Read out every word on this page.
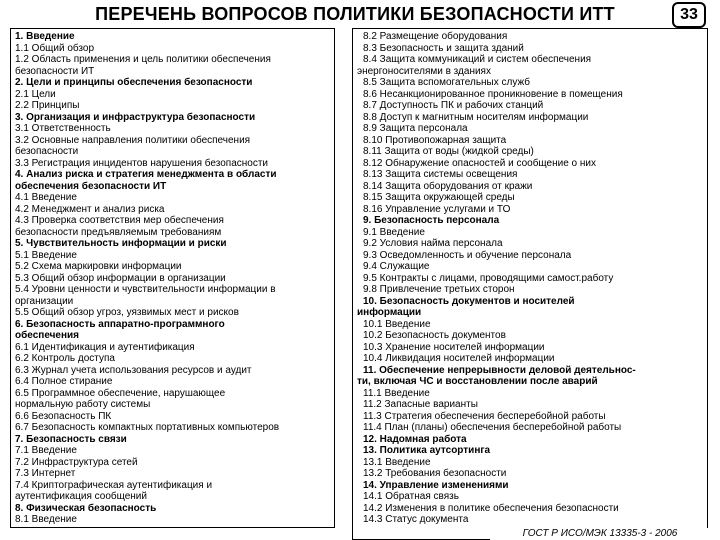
ПЕРЕЧЕНЬ ВОПРОСОВ ПОЛИТИКИ БЕЗОПАСНОСТИ ИТТ	33
1. Введение
1.1 Общий обзор
1.2 Область применения и цель политики обеспечения
безопасности ИТ
2. Цели и принципы обеспечения безопасности
2.1 Цели
2.2 Принципы
3. Организация и инфраструктура безопасности
3.1 Ответственность
3.2 Основные направления политики обеспечения
безопасности
3.3 Регистрация инцидентов нарушения безопасности
4. Анализ риска и стратегия менеджмента в области
обеспечения безопасности ИТ
4.1 Введение
4.2 Менеджмент и анализ риска
4.3 Проверка соответствия мер обеспечения
безопасности предъявляемым требованиям
5. Чувствительность информации и риски
5.1 Введение
5.2 Схема маркировки информации
5.3 Общий обзор информации в организации
5.4 Уровни ценности и чувствительности информации в
организации
5.5 Общий обзор угроз, уязвимых мест и рисков
6. Безопасность аппаратно-программного
обеспечения
6.1 Идентификация и аутентификация
6.2 Контроль доступа
6.3 Журнал учета использования ресурсов и аудит
6.4 Полное стирание
6.5 Программное обеспечение, нарушающее
нормальную работу системы
6.6 Безопасность ПК
6.7 Безопасность компактных портативных компьютеров
7. Безопасность связи
7.1 Введение
7.2 Инфраструктура сетей
7.3 Интернет
7.4 Криптографическая аутентификация и
аутентификация сообщений
8. Физическая безопасность
8.1 Введение
8.2 Размещение оборудования
8.3 Безопасность и защита зданий
8.4 Защита коммуникаций и систем обеспечения
энергоносителями в зданиях
8.5 Защита вспомогательных служб
8.6 Несанкционированное проникновение в помещения
8.7 Доступность ПК и рабочих станций
8.8 Доступ к магнитным носителям информации
8.9 Защита персонала
8.10 Противопожарная защита
8.11 Защита от воды (жидкой среды)
8.12 Обнаружение опасностей и сообщение о них
8.13 Защита системы освещения
8.14 Защита оборудования от кражи
8.15 Защита окружающей среды
8.16 Управление услугами и ТО
9. Безопасность персонала
9.1 Введение
9.2 Условия найма персонала
9.3 Осведомленность и обучение персонала
9.4 Служащие
9.5 Контракты с лицами, проводящими самост.работу
9.8 Привлечение третьих сторон
10. Безопасность документов и носителей
информации
10.1 Введение
10.2 Безопасность документов
10.3 Хранение носителей информации
10.4 Ликвидация носителей информации
11. Обеспечение непрерывности деловой деятельнос-
ти, включая ЧС и восстановлении после аварий
11.1 Введение
11.2 Запасные варианты
11.3 Стратегия обеспечения бесперебойной работы
11.4 План (планы) обеспечения бесперебойной работы
12. Надомная работа
13. Политика аутсортинга
13.1 Введение
13.2 Требования безопасности
14. Управление изменениями
14.1 Обратная связь
14.2 Изменения в политике обеспечения безопасности
14.3 Статус документа
ГОСТ Р ИСО/МЭК 13335-3 - 2006
